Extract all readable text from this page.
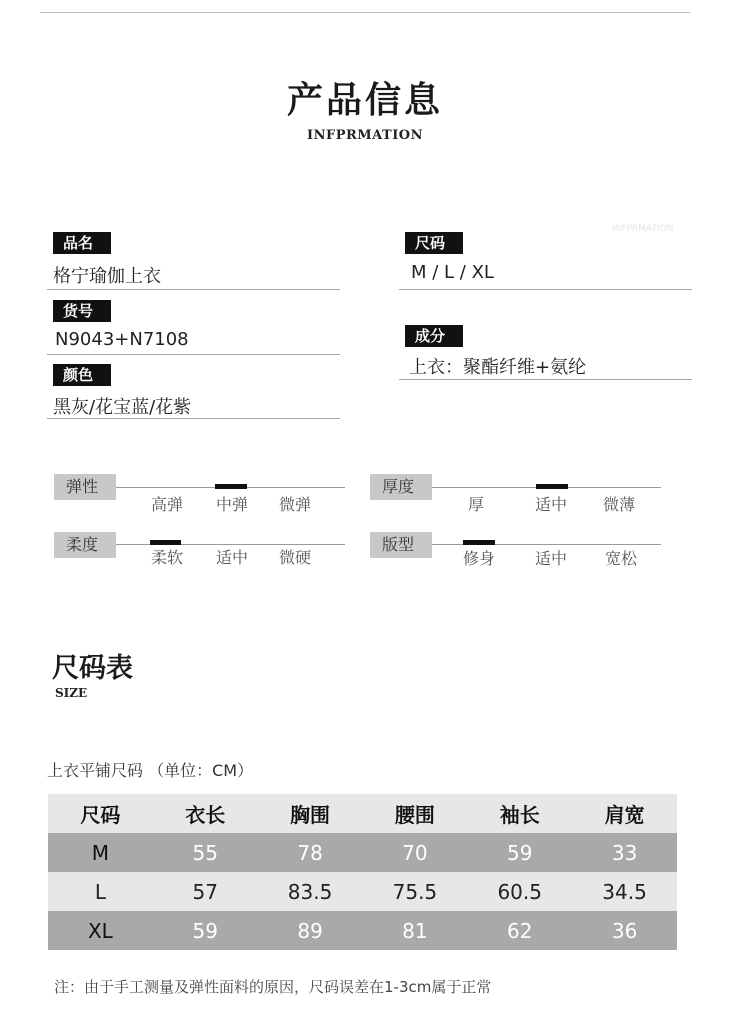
产品信息
INFPRMATION
INFPRMATION
品名
格宁瑜伽上衣
货号
N9043+N7108
颜色
黑灰/花宝蓝/花紫
尺码
M / L / XL
成分
上衣：聚酯纤维+氨纶
弹性
高弹 中弹 微弹
厚度
厚	适中 微薄
柔度
柔软 适中 微硬
版型
修身 适中 宽松
尺码表
SIZE
上衣平铺尺码 （单位：CM）
尺码	衣长	胸围	腰围	袖长	肩宽
M	55	78	70	59	33
L	57	83.5	75.5	60.5	34.5
XL	59	89	81	62	36
注：由于手工测量及弹性面料的原因，尺码误差在1-3cm属于正常
